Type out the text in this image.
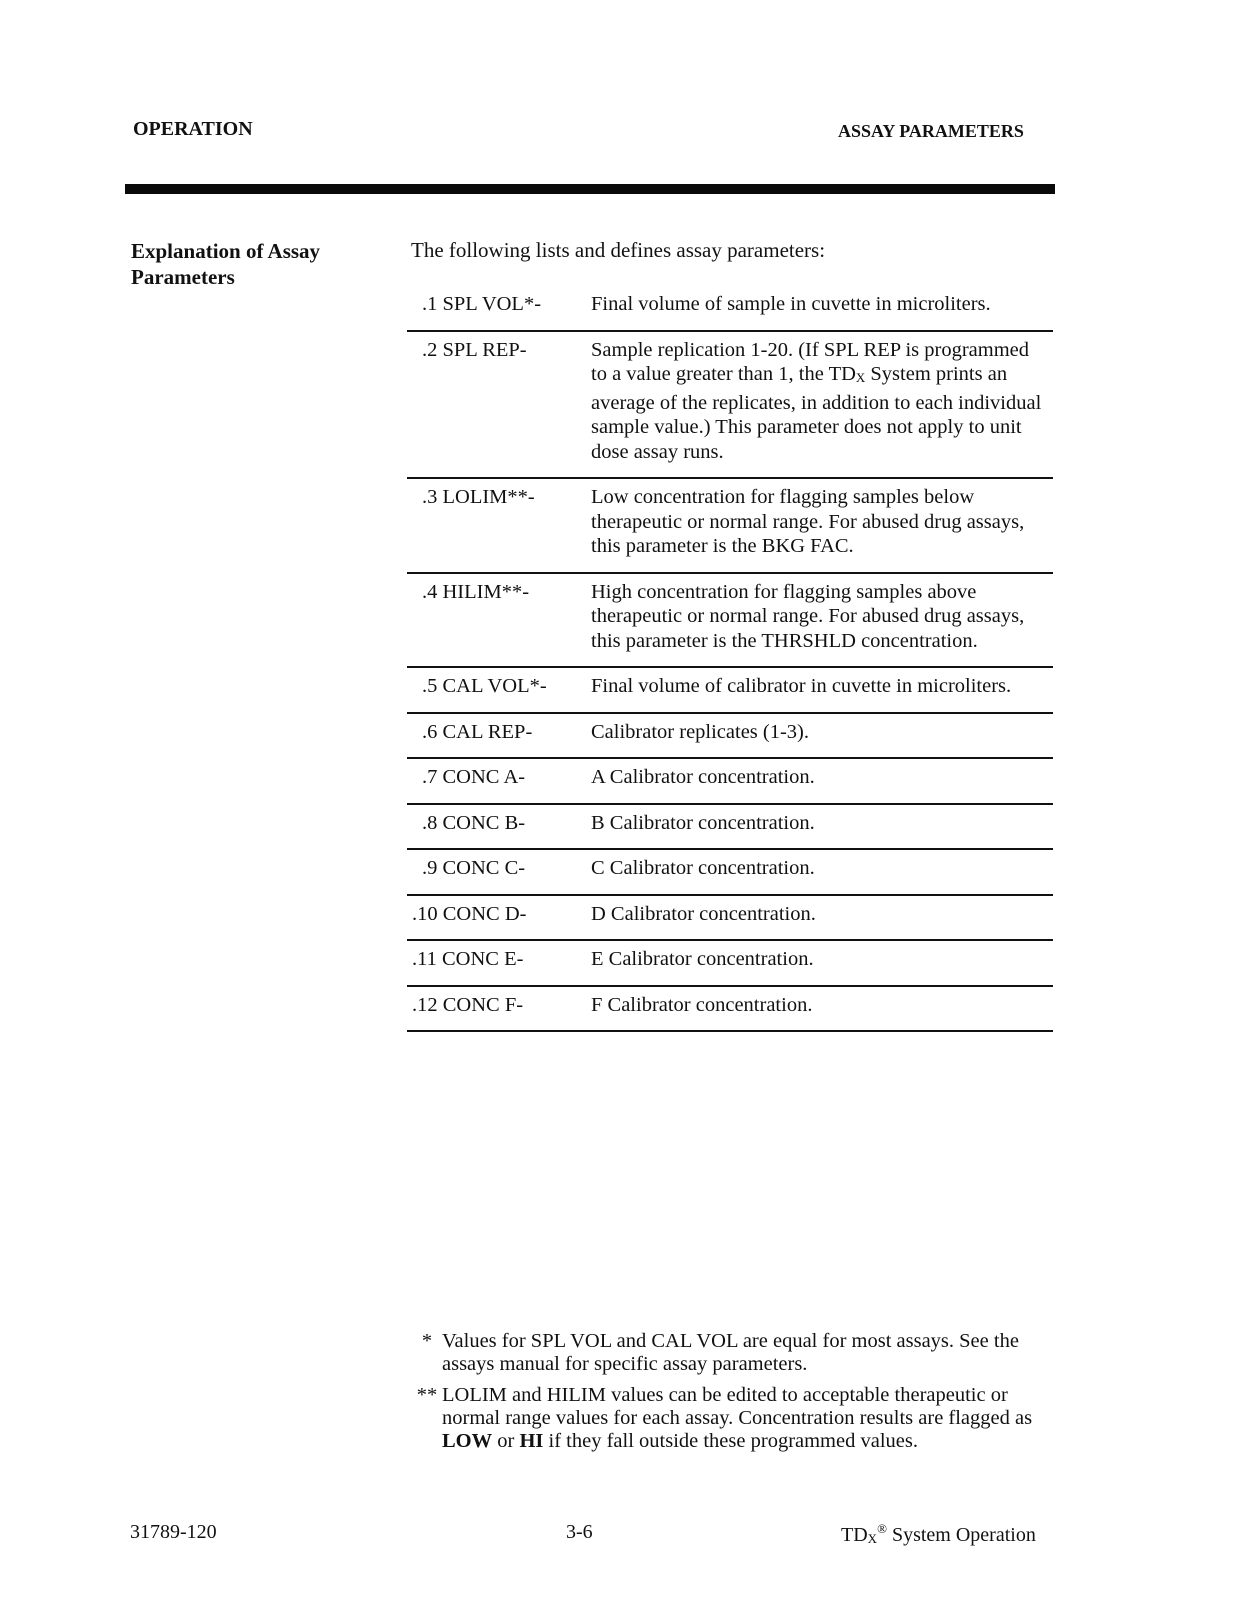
OPERATION	ASSAY PARAMETERS
Explanation of Assay Parameters
The following lists and defines assay parameters:
.1 SPL VOL*-	Final volume of sample in cuvette in microliters.
.2 SPL REP-	Sample replication 1-20. (If SPL REP is programmed to a value greater than 1, the $TD_X$ System prints an average of the replicates, in addition to each individual sample value.) This parameter does not apply to unit dose assay runs.
.3 LOLIM**-	Low concentration for flagging samples below therapeutic or normal range. For abused drug assays, this parameter is the BKG FAC.
.4 HILIM**-	High concentration for flagging samples above therapeutic or normal range. For abused drug assays, this parameter is the THRSHLD concentration.
.5 CAL VOL*-	Final volume of calibrator in cuvette in microliters.
.6 CAL REP-	Calibrator replicates (1-3).
.7 CONC A-	A Calibrator concentration.
.8 CONC B-	B Calibrator concentration.
.9 CONC C-	C Calibrator concentration.
.10 CONC D-	D Calibrator concentration.
.11 CONC E-	E Calibrator concentration.
.12 CONC F-	F Calibrator concentration.
* Values for SPL VOL and CAL VOL are equal for most assays. See the assays manual for specific assay parameters.
** LOLIM and HILIM values can be edited to acceptable therapeutic or normal range values for each assay. Concentration results are flagged as LOW or HI if they fall outside these programmed values.
31789-120	3-6	$TD_X®$ System Operation
